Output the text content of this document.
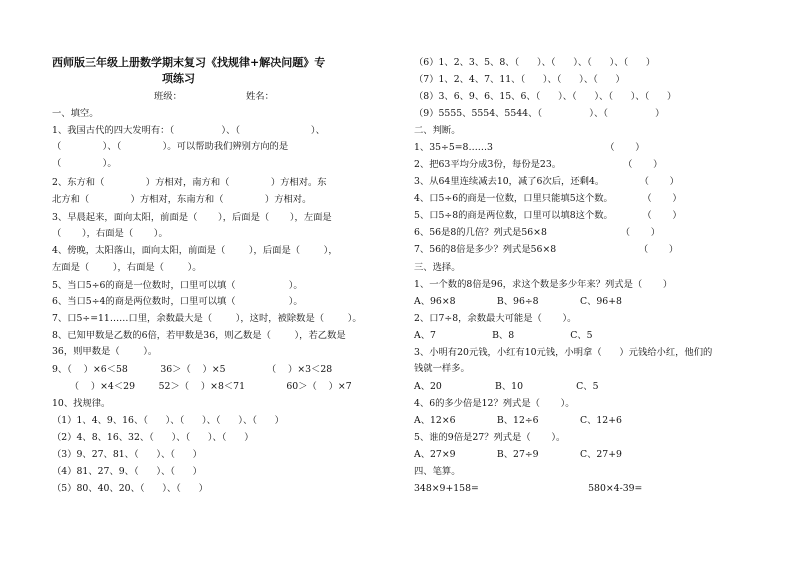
西师版三年级上册数学期末复习《找规律+解决问题》专
项练习
班级：	姓名：
一、填空。
1、我国古代的四大发明有：（                ）、（                        ）、
（              ）、（              ）。可以帮助我们辨别方向的是
（              ）。
2、东方和（              ）方相对，南方和（              ）方相对。东
北方和（              ）方相对，东南方和（              ）方相对。
3、早晨起来，面向太阳，前面是（       ），后面是（       ），左面是
（       ），右面是（       ）。
4、傍晚，太阳落山，面向太阳，前面是（        ），后面是（        ），
左面是（        ），右面是（        ）。
5、当口5÷6的商是一位数时，口里可以填（                  ）。
6、当口5÷4的商是两位数时，口里可以填（                  ）。
7、口5÷=11……口里，余数最大是（        ），这时，被除数是（        ）。
8、已知甲数是乙数的6倍，若甲数是36，则乙数是（        ），若乙数是
36，则甲数是（        ）。
9、（    ）×6＜58           36＞（    ）×5              （    ）×3＜28
（    ）×4＜29        52＞（    ）×8＜71              60＞（    ）×7
10、找规律。
（1）1、4、9、16、（      ）、（      ）、（      ）、（      ）
（2）4、8、16、32、（      ）、（      ）、（      ）
（3）9、27、81、（      ）、（      ）
（4）81、27、9、（      ）、（      ）
（5）80、40、20、（      ）、（      ）
（6）1、2、3、5、8、（      ）、（      ）、（      ）、（      ）
（7）1、2、4、7、11、（      ）、（      ）、（      ）
（8）3、6、9、6、15、6、（      ）、（      ）、（      ）、（      ）
（9）5555、5554、5544、（                ）、（                ）
二、判断。
1、35÷5=8……3                                      （       ）
2、把63平均分成3份，每份是23。                     （       ）
3、从64里连续减去10，减了6次后，还剩4。            （       ）
4、口5÷6的商是一位数，口里只能填5这个数。          （       ）
5、口5÷8的商是两位数，口里可以填8这个数。          （       ）
6、56是8的几倍？列式是56×8                         （       ）
7、56的8倍是多少？列式是56×8                            （       ）
三、选择。
1、一个数的8倍是96，求这个数是多少年来？列式是（       ）
A、96×8              B、96÷8              C、96+8
2、口7÷8，余数最大可能是（       ）。
A、7                   B、8                   C、5
3、小明有20元钱，小红有10元钱，小明拿（      ）元钱给小红，他们的
钱就一样多。
A、20                  B、10                  C、5
4、6的多少倍是12？列式是（       ）。
A、12×6              B、12÷6              C、12+6
5、谁的9倍是27？列式是（       ）。
A、27×9              B、27÷9              C、27+9
四、笔算。
348×9+158=                                     580×4-39=
